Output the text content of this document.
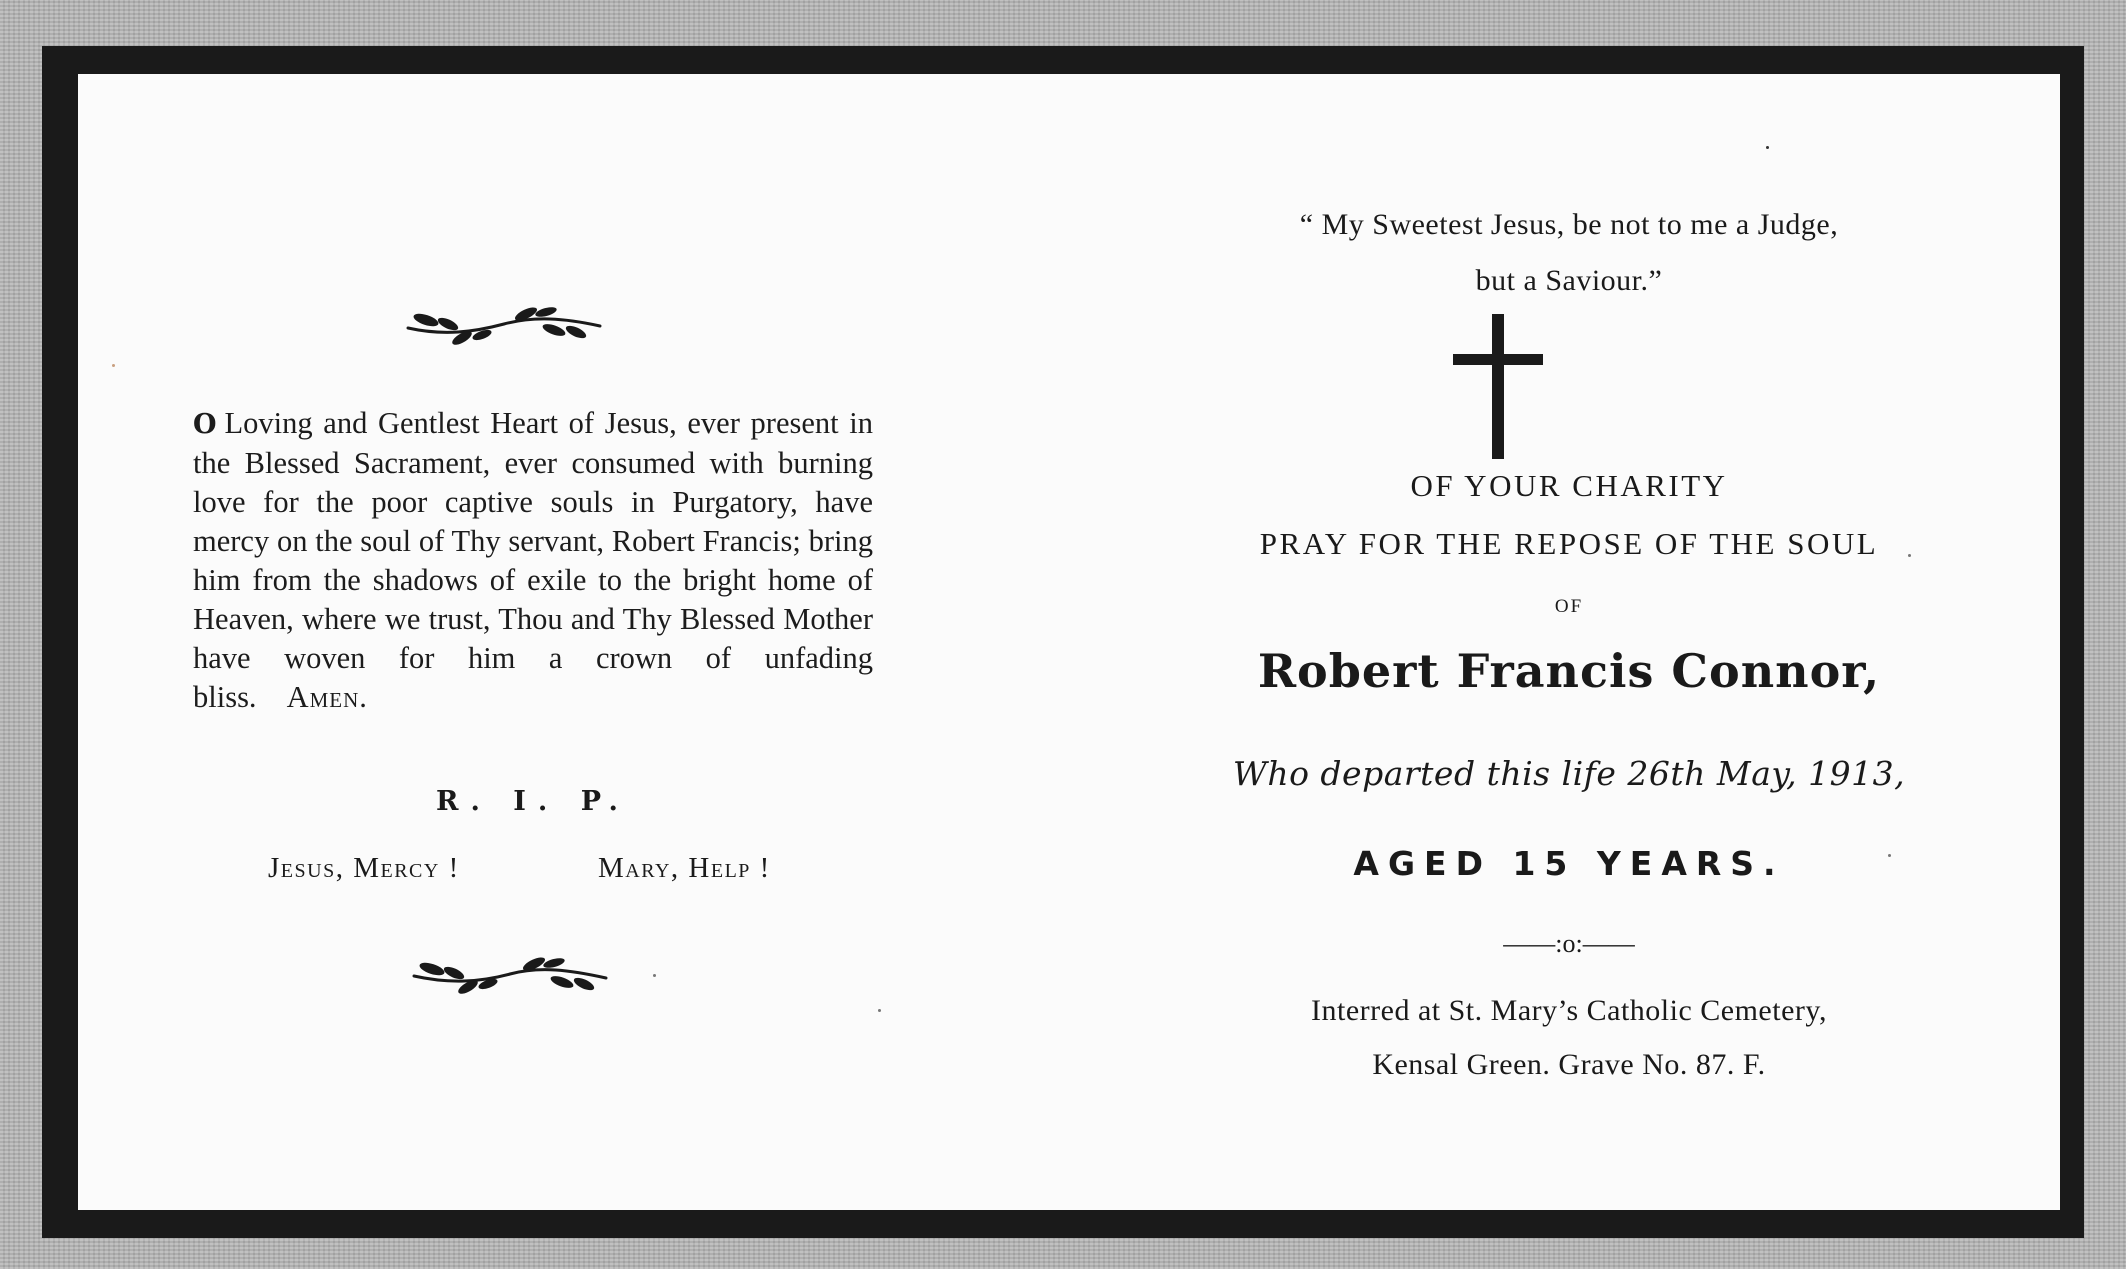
O Loving and Gentlest Heart of Jesus, ever present in the Blessed Sacrament, ever consumed with burning love for the poor captive souls in Purgatory, have mercy on the soul of Thy servant, Robert Francis; bring him from the shadows of exile to the bright home of Heaven, where we trust, Thou and Thy Blessed Mother have woven for him a crown of unfading bliss. Amen.

R. I. P.

Jesus, Mercy !	Mary, Help !

“ My Sweetest Jesus, be not to me a Judge,

but a Saviour.”

OF YOUR CHARITY

PRAY FOR THE REPOSE OF THE SOUL

OF

Robert Francis Connor,

Who departed this life 26th May, 1913,

AGED 15 YEARS.

——:o:——

Interred at St. Mary’s Catholic Cemetery,

Kensal Green. Grave No. 87. F.
